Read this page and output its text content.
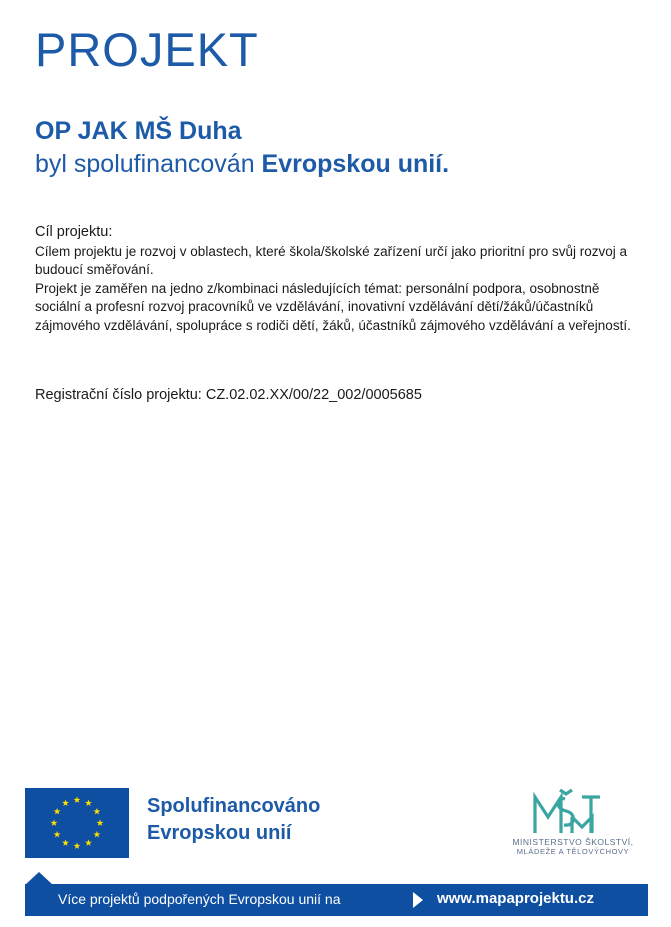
PROJEKT

OP JAK MŠ Duha

byl spolufinancován Evropskou unií.

Cíl projektu:

Cílem projektu je rozvoj v oblastech, které škola/školské zařízení určí jako prioritní pro svůj rozvoj a budoucí směřování.

Projekt je zaměřen na jedno z/kombinaci následujících témat: personální podpora, osobnostně sociální a profesní rozvoj pracovníků ve vzdělávání, inovativní vzdělávání dětí/žáků/účastníků zájmového vzdělávání, spolupráce s rodiči dětí, žáků, účastníků zájmového vzdělávání a veřejností.

Registrační číslo projektu: CZ.02.02.XX/00/22_002/0005685
Spolufinancováno
Evropskou unií	MINISTERSTVO ŠKOLSTVÍ,
MLÁDEŽE A TĚLOVÝCHOVY
Více projektů podpořených Evropskou unií na	www.mapaprojektu.cz
